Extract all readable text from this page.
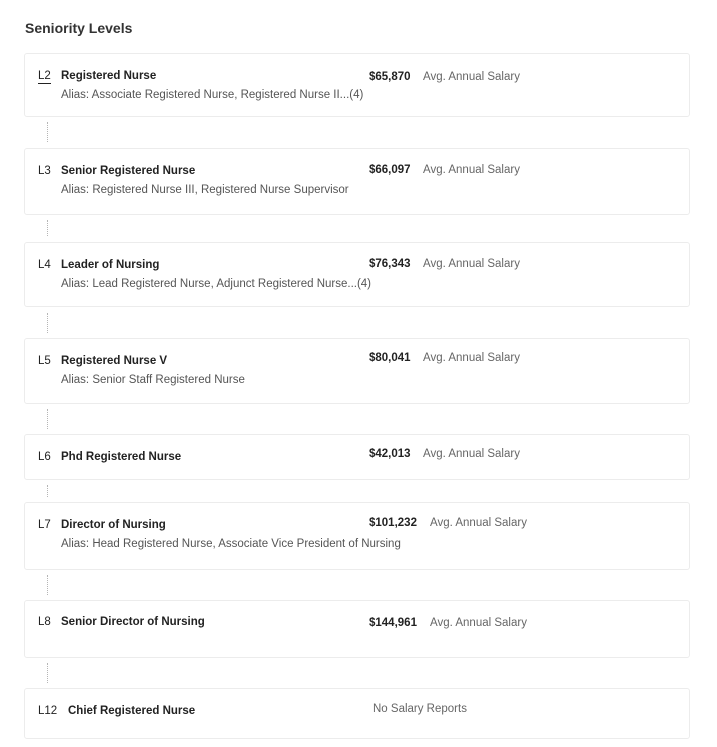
Seniority Levels
L2 Registered Nurse
Alias: Associate Registered Nurse, Registered Nurse II...(4)
$65,870 Avg. Annual Salary
L3 Senior Registered Nurse
Alias: Registered Nurse III, Registered Nurse Supervisor
$66,097 Avg. Annual Salary
L4 Leader of Nursing
Alias: Lead Registered Nurse, Adjunct Registered Nurse...(4)
$76,343 Avg. Annual Salary
L5 Registered Nurse V
Alias: Senior Staff Registered Nurse
$80,041 Avg. Annual Salary
L6 Phd Registered Nurse	$42,013 Avg. Annual Salary
L7 Director of Nursing
Alias: Head Registered Nurse, Associate Vice President of Nursing
$101,232 Avg. Annual Salary
L8 Senior Director of Nursing	$144,961 Avg. Annual Salary
L12 Chief Registered Nurse	No Salary Reports
